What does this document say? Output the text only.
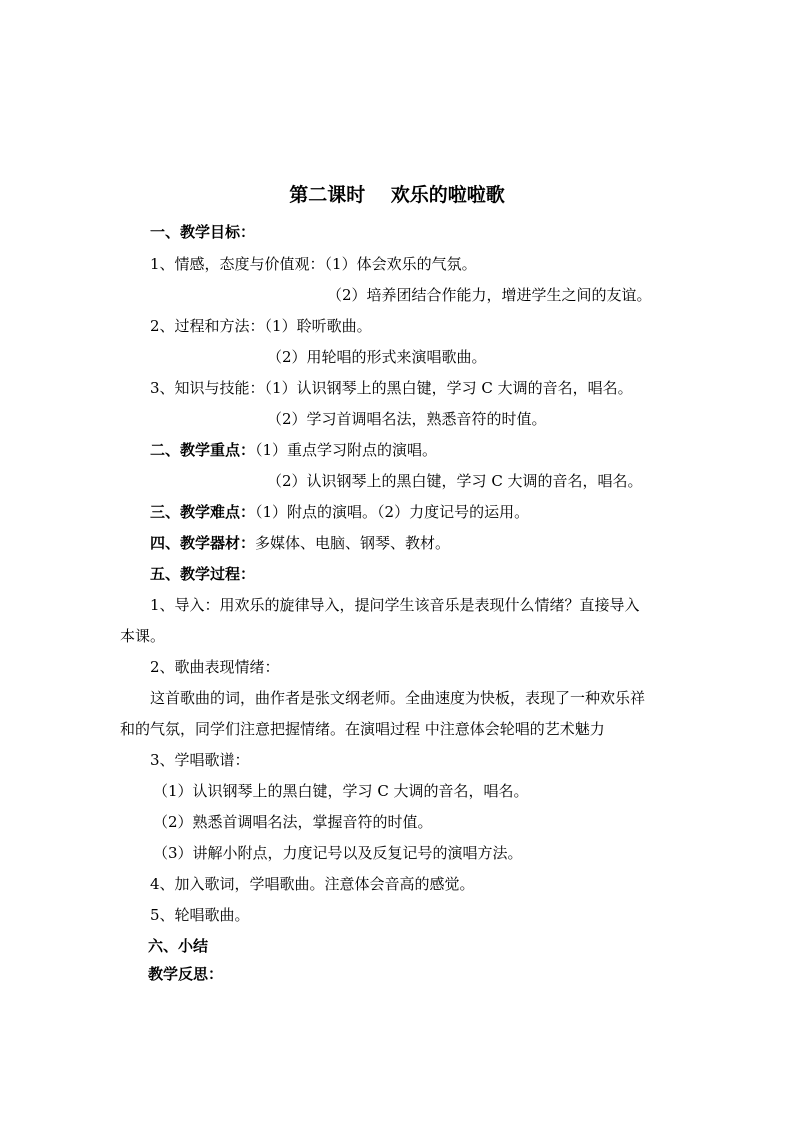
第二课时　 欢乐的啦啦歌
一、教学目标：
1、情感，态度与价值观：（1）体会欢乐的气氛。
（2）培养团结合作能力，增进学生之间的友谊。
2、过程和方法：（1）聆听歌曲。
（2）用轮唱的形式来演唱歌曲。
3、知识与技能：（1）认识钢琴上的黑白键，学习 C 大调的音名，唱名。
（2）学习首调唱名法，熟悉音符的时值。
二、教学重点：（1）重点学习附点的演唱。
（2）认识钢琴上的黑白键，学习 C 大调的音名，唱名。
三、教学难点：（1）附点的演唱。（2）力度记号的运用。
四、教学器材：多媒体、电脑、钢琴、教材。
五、教学过程：
1、导入：用欢乐的旋律导入，提问学生该音乐是表现什么情绪？直接导入
本课。
2、歌曲表现情绪：
这首歌曲的词，曲作者是张文纲老师。全曲速度为快板，表现了一种欢乐祥
和的气氛，同学们注意把握情绪。在演唱过程 中注意体会轮唱的艺术魅力
3、学唱歌谱：
（1）认识钢琴上的黑白键，学习 C 大调的音名，唱名。
（2）熟悉首调唱名法，掌握音符的时值。
（3）讲解小附点，力度记号以及反复记号的演唱方法。
4、加入歌词，学唱歌曲。注意体会音高的感觉。
5、轮唱歌曲。
六、小结
教学反思：
